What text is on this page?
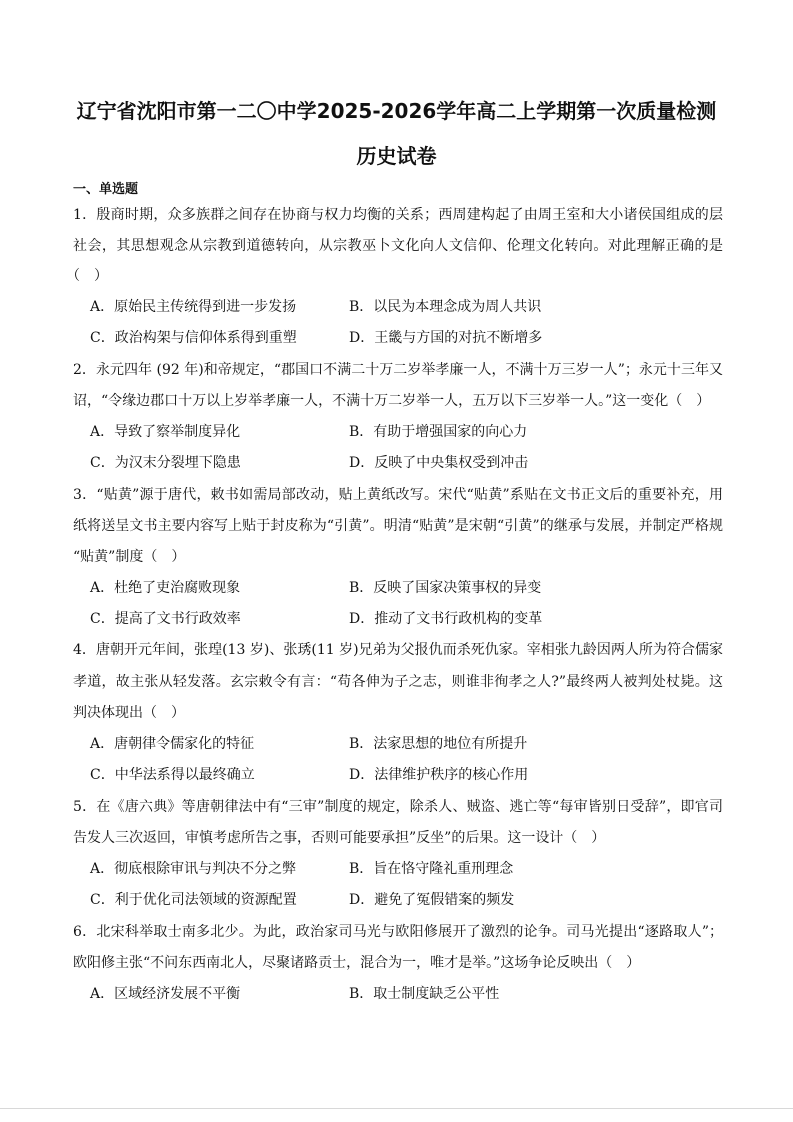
辽宁省沈阳市第一二〇中学2025-2026学年高二上学期第一次质量检测
历史试卷
一、单选题
1．殷商时期，众多族群之间存在协商与权力均衡的关系；西周建构起了由周王室和大小诸侯国组成的层
社会，其思想观念从宗教到道德转向，从宗教巫卜文化向人文信仰、伦理文化转向。对此理解正确的是
（　）
A．原始民主传统得到进一步发扬	B．以民为本理念成为周人共识
C．政治构架与信仰体系得到重塑	D．王畿与方国的对抗不断增多
2．永元四年 (92 年)和帝规定，“郡国口不满二十万二岁举孝廉一人，不满十万三岁一人”；永元十三年又
诏，“令缘边郡口十万以上岁举孝廉一人，不满十万二岁举一人，五万以下三岁举一人。”这一变化（　）
A．导致了察举制度异化	B．有助于增强国家的向心力
C．为汉末分裂埋下隐患	D．反映了中央集权受到冲击
3．“贴黄”源于唐代，敕书如需局部改动，贴上黄纸改写。宋代“贴黄”系贴在文书正文后的重要补充，用
纸将送呈文书主要内容写上贴于封皮称为“引黄”。明清“贴黄”是宋朝“引黄”的继承与发展，并制定严格规
“贴黄”制度（　）
A．杜绝了吏治腐败现象	B．反映了国家决策事权的异变
C．提高了文书行政效率	D．推动了文书行政机构的变革
4．唐朝开元年间，张瑝(13 岁)、张琇(11 岁)兄弟为父报仇而杀死仇家。宰相张九龄因两人所为符合儒家
孝道，故主张从轻发落。玄宗敕令有言：“苟各伸为子之志，则谁非徇孝之人?”最终两人被判处杖毙。这
判决体现出（　）
A．唐朝律令儒家化的特征	B．法家思想的地位有所提升
C．中华法系得以最终确立	D．法律维护秩序的核心作用
5．在《唐六典》等唐朝律法中有“三审”制度的规定，除杀人、贼盗、逃亡等“每审皆别日受辞”，即官司
告发人三次返回，审慎考虑所告之事，否则可能要承担”反坐”的后果。这一设计（　）
A．彻底根除审讯与判决不分之弊	B．旨在恪守隆礼重刑理念
C．利于优化司法领域的资源配置	D．避免了冤假错案的频发
6．北宋科举取士南多北少。为此，政治家司马光与欧阳修展开了激烈的论争。司马光提出“逐路取人”；
欧阳修主张“不问东西南北人，尽聚诸路贡士，混合为一，唯才是举。”这场争论反映出（　）
A．区域经济发展不平衡	B．取士制度缺乏公平性
